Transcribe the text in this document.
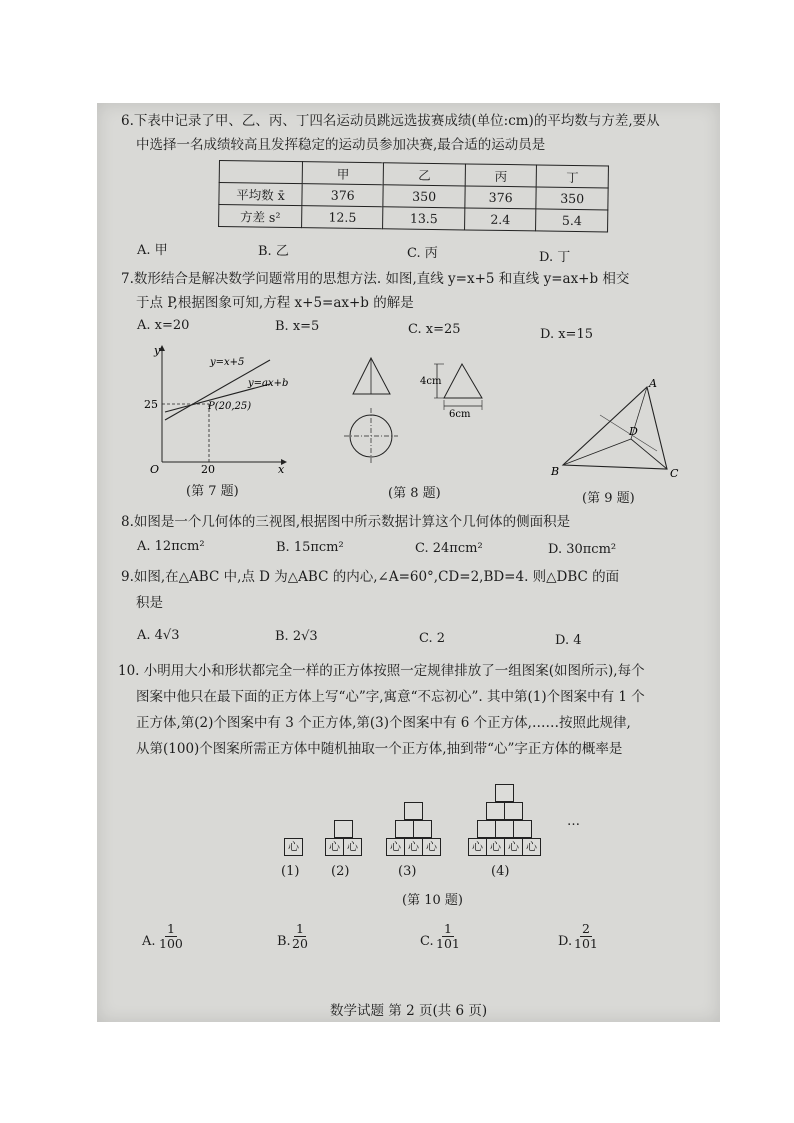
6.下表中记录了甲、乙、丙、丁四名运动员跳远选拔赛成绩(单位:cm)的平均数与方差,要从
中选择一名成绩较高且发挥稳定的运动员参加决赛,最合适的运动员是
	甲	乙	丙	丁
平均数 x̄	376	350	376	350
方差 s²	12.5	13.5	2.4	5.4
A. 甲	B. 乙	C. 丙	D. 丁
7.数形结合是解决数学问题常用的思想方法. 如图,直线 y=x+5 和直线 y=ax+b 相交
于点 P,根据图象可知,方程 x+5=ax+b 的解是
A. x=20	B. x=5	C. x=25	D. x=15
y
x
O
25
20
y=x+5
y=ax+b
P(20,25)
(第 7 题)
4cm
6cm
(第 8 题)
A
B	C
D
(第 9 题)
8.如图是一个几何体的三视图,根据图中所示数据计算这个几何体的侧面积是
A. 12πcm²	B. 15πcm²	C. 24πcm²	D. 30πcm²
9.如图,在△ABC 中,点 D 为△ABC 的内心,∠A=60°,CD=2,BD=4. 则△DBC 的面
积是
A. 4√3	B. 2√3	C. 2	D. 4
10. 小明用大小和形状都完全一样的正方体按照一定规律排放了一组图案(如图所示),每个
图案中他只在最下面的正方体上写“心”字,寓意“不忘初心”. 其中第(1)个图案中有 1 个
正方体,第(2)个图案中有 3 个正方体,第(3)个图案中有 6 个正方体,……按照此规律,
从第(100)个图案所需正方体中随机抽取一个正方体,抽到带“心”字正方体的概率是
心	心 心	心 心 心	心 心 心 心
…
(1) (2)	(3)	(4)
(第 10 题)
A. $\frac{1}{100}$	B. $\frac{1}{20}$	C. $\frac{1}{101}$	D. $\frac{2}{101}$
数学试题 第 2 页(共 6 页)
